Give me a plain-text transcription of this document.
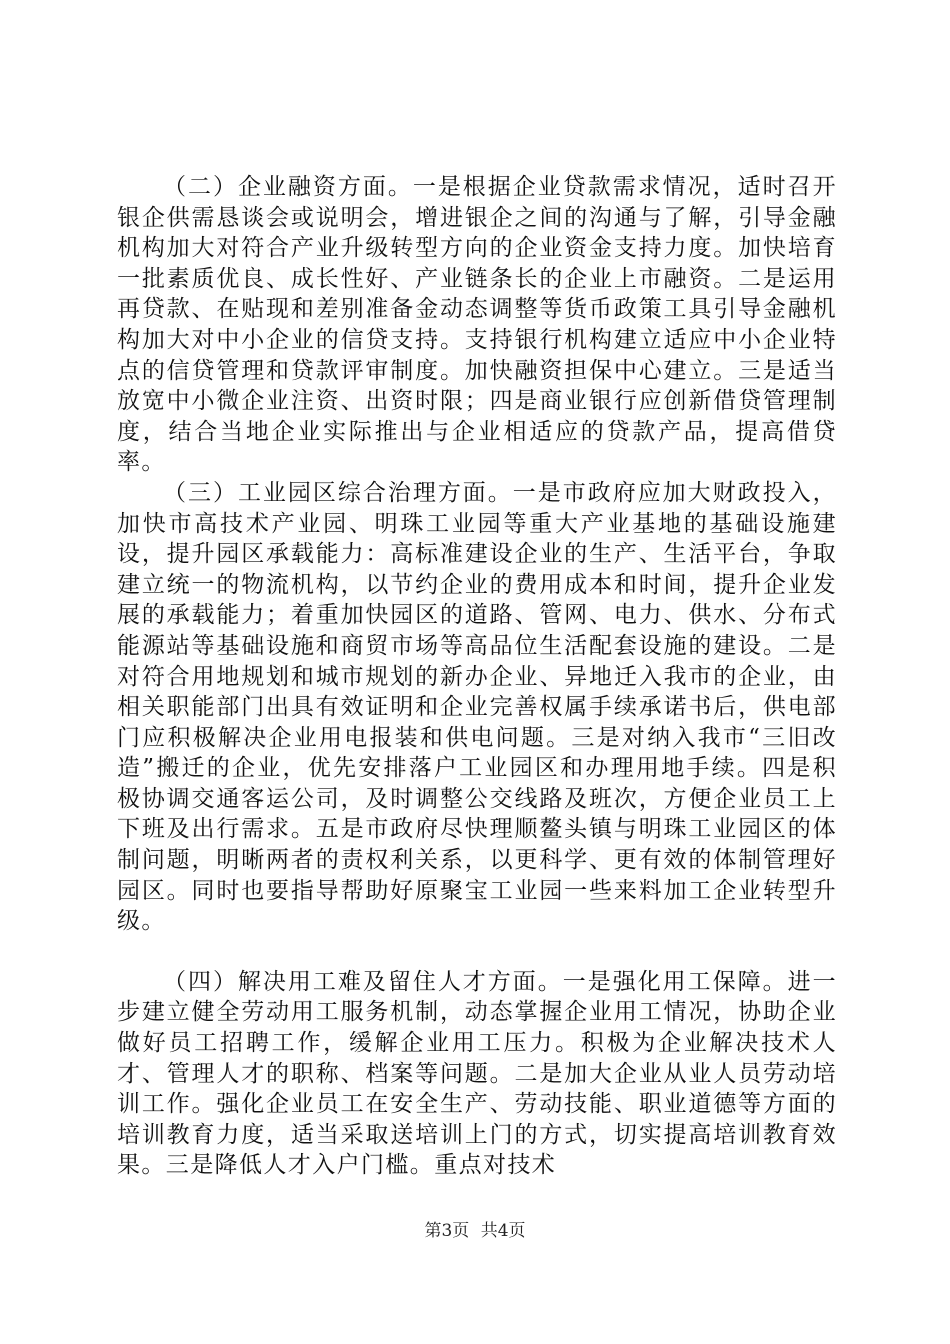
（二）企业融资方面。一是根据企业贷款需求情况，适时召开银企供需恳谈会或说明会，增进银企之间的沟通与了解，引导金融机构加大对符合产业升级转型方向的企业资金支持力度。加快培育一批素质优良、成长性好、产业链条长的企业上市融资。二是运用再贷款、在贴现和差别准备金动态调整等货币政策工具引导金融机构加大对中小企业的信贷支持。支持银行机构建立适应中小企业特点的信贷管理和贷款评审制度。加快融资担保中心建立。三是适当放宽中小微企业注资、出资时限；四是商业银行应创新借贷管理制度，结合当地企业实际推出与企业相适应的贷款产品，提高借贷率。

（三）工业园区综合治理方面。一是市政府应加大财政投入，加快市高技术产业园、明珠工业园等重大产业基地的基础设施建设，提升园区承载能力：高标准建设企业的生产、生活平台，争取建立统一的物流机构，以节约企业的费用成本和时间，提升企业发展的承载能力；着重加快园区的道路、管网、电力、供水、分布式能源站等基础设施和商贸市场等高品位生活配套设施的建设。二是对符合用地规划和城市规划的新办企业、异地迁入我市的企业，由相关职能部门出具有效证明和企业完善权属手续承诺书后，供电部门应积极解决企业用电报装和供电问题。三是对纳入我市“三旧改造”搬迁的企业，优先安排落户工业园区和办理用地手续。四是积极协调交通客运公司，及时调整公交线路及班次，方便企业员工上下班及出行需求。五是市政府尽快理顺鳌头镇与明珠工业园区的体制问题，明晰两者的责权利关系，以更科学、更有效的体制管理好园区。同时也要指导帮助好原聚宝工业园一些来料加工企业转型升级。

（四）解决用工难及留住人才方面。一是强化用工保障。进一步建立健全劳动用工服务机制，动态掌握企业用工情况，协助企业做好员工招聘工作，缓解企业用工压力。积极为企业解决技术人才、管理人才的职称、档案等问题。二是加大企业从业人员劳动培训工作。强化企业员工在安全生产、劳动技能、职业道德等方面的培训教育力度，适当采取送培训上门的方式，切实提高培训教育效果。三是降低人才入户门槛。重点对技术

第3页 共4页
